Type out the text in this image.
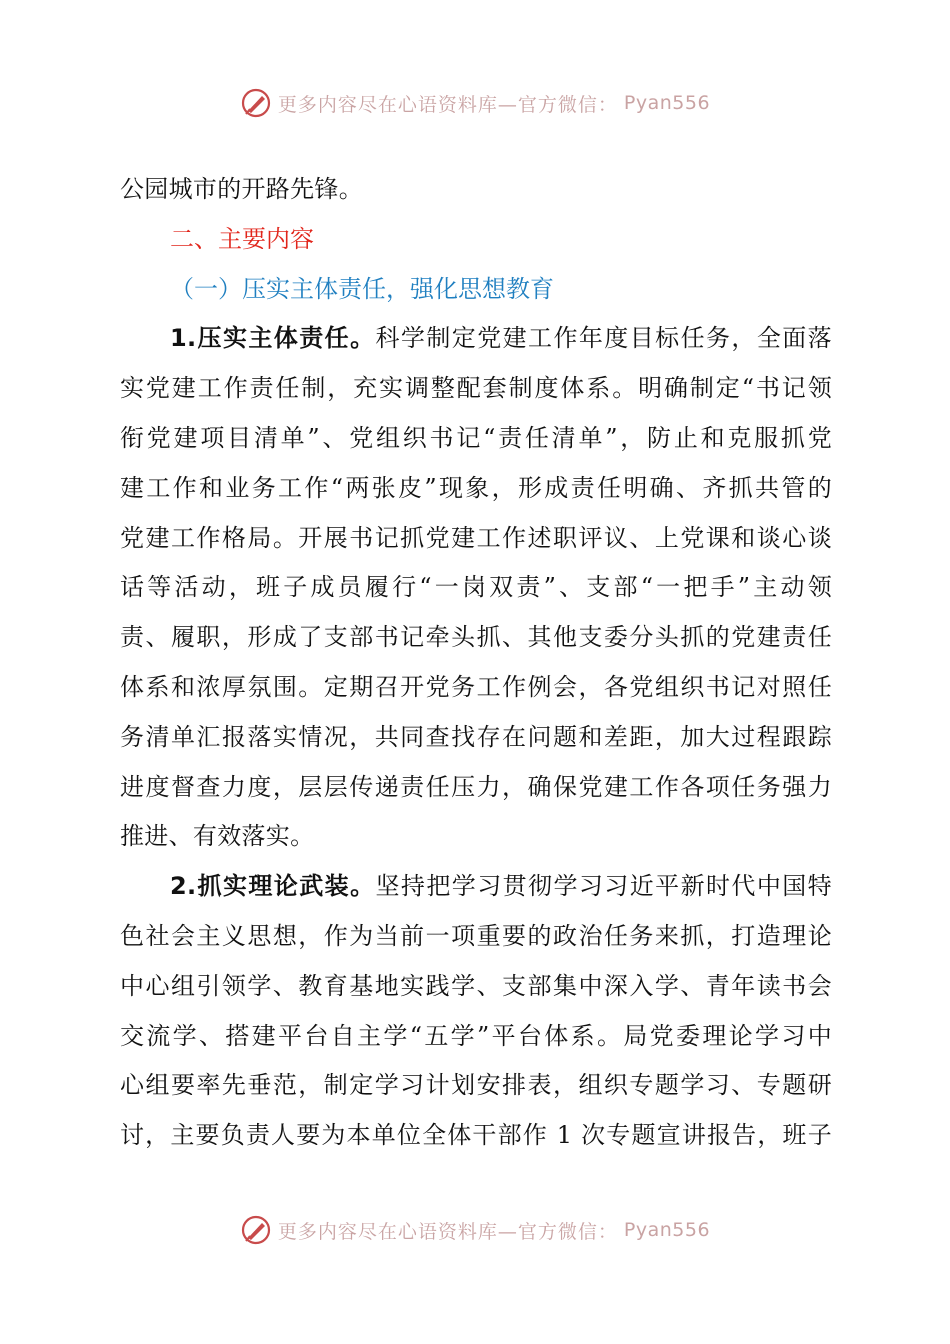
更多内容尽在心语资料库—官方微信： Pyan556
公园城市的开路先锋。
二、主要内容
（一）压实主体责任，强化思想教育
1.压实主体责任。科学制定党建工作年度目标任务，全面落
实党建工作责任制，充实调整配套制度体系。明确制定“书记领
衔党建项目清单”、党组织书记“责任清单”，防止和克服抓党
建工作和业务工作“两张皮”现象，形成责任明确、齐抓共管的
党建工作格局。开展书记抓党建工作述职评议、上党课和谈心谈
话等活动，班子成员履行“一岗双责”、支部“一把手”主动领
责、履职，形成了支部书记牵头抓、其他支委分头抓的党建责任
体系和浓厚氛围。定期召开党务工作例会，各党组织书记对照任
务清单汇报落实情况，共同查找存在问题和差距，加大过程跟踪
进度督查力度，层层传递责任压力，确保党建工作各项任务强力
推进、有效落实。
2.抓实理论武装。坚持把学习贯彻学习习近平新时代中国特
色社会主义思想，作为当前一项重要的政治任务来抓，打造理论
中心组引领学、教育基地实践学、支部集中深入学、青年读书会
交流学、搭建平台自主学“五学”平台体系。局党委理论学习中
心组要率先垂范，制定学习计划安排表，组织专题学习、专题研
讨，主要负责人要为本单位全体干部作 1 次专题宣讲报告，班子
更多内容尽在心语资料库—官方微信： Pyan556
